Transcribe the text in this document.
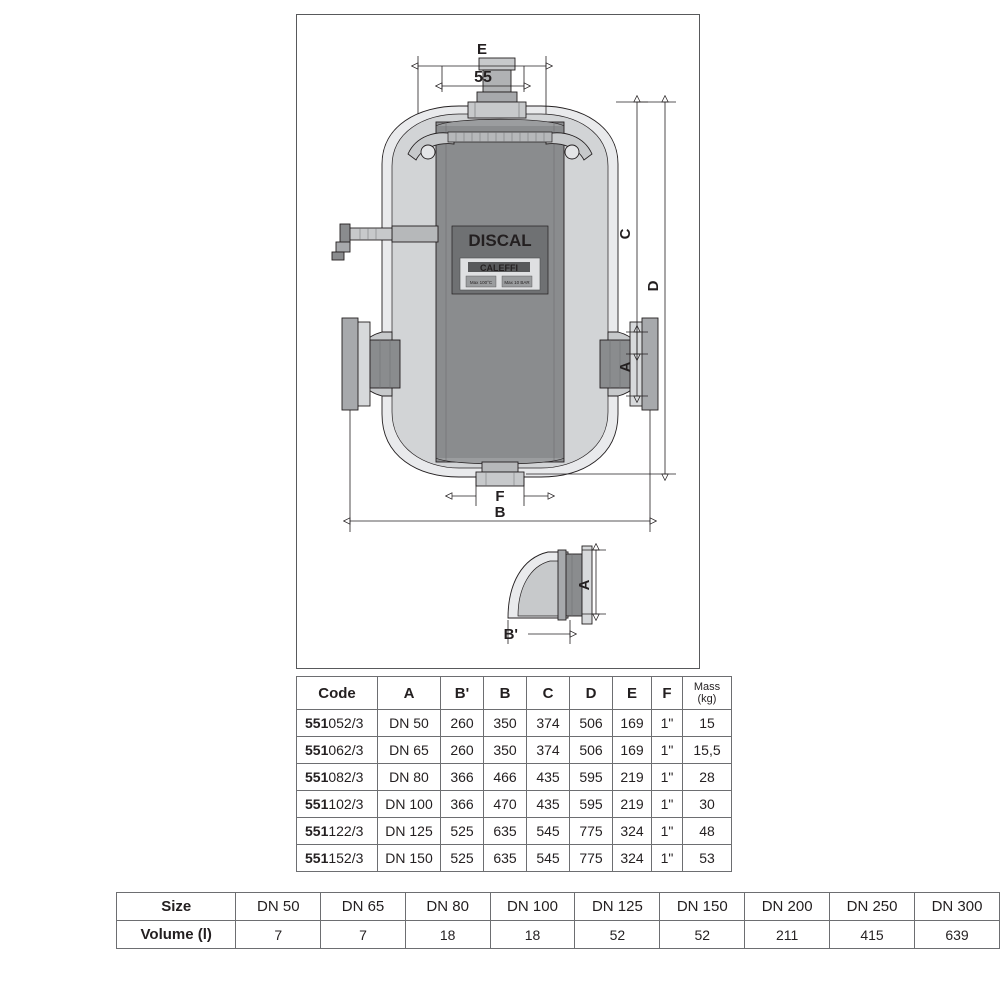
DISCAL
CALEFFI
Max 100°C	Max 10 BAR
E
55
C
D
A
F
B
A
B'
Code	A	B'	B	C	D	E	F	Mass
(kg)

551052/3	DN 50	260	350	374	506	169	1"	15
551062/3	DN 65	260	350	374	506	169	1"	15,5
551082/3	DN 80	366	466	435	595	219	1"	28
551102/3	DN 100	366	470	435	595	219	1"	30
551122/3	DN 125	525	635	545	775	324	1"	48
551152/3	DN 150	525	635	545	775	324	1"	53
Size	DN 50	DN 65	DN 80	DN 100	DN 125	DN 150	DN 200	DN 250	DN 300
Volume (l)	7	7	18	18	52	52	211	415	639
